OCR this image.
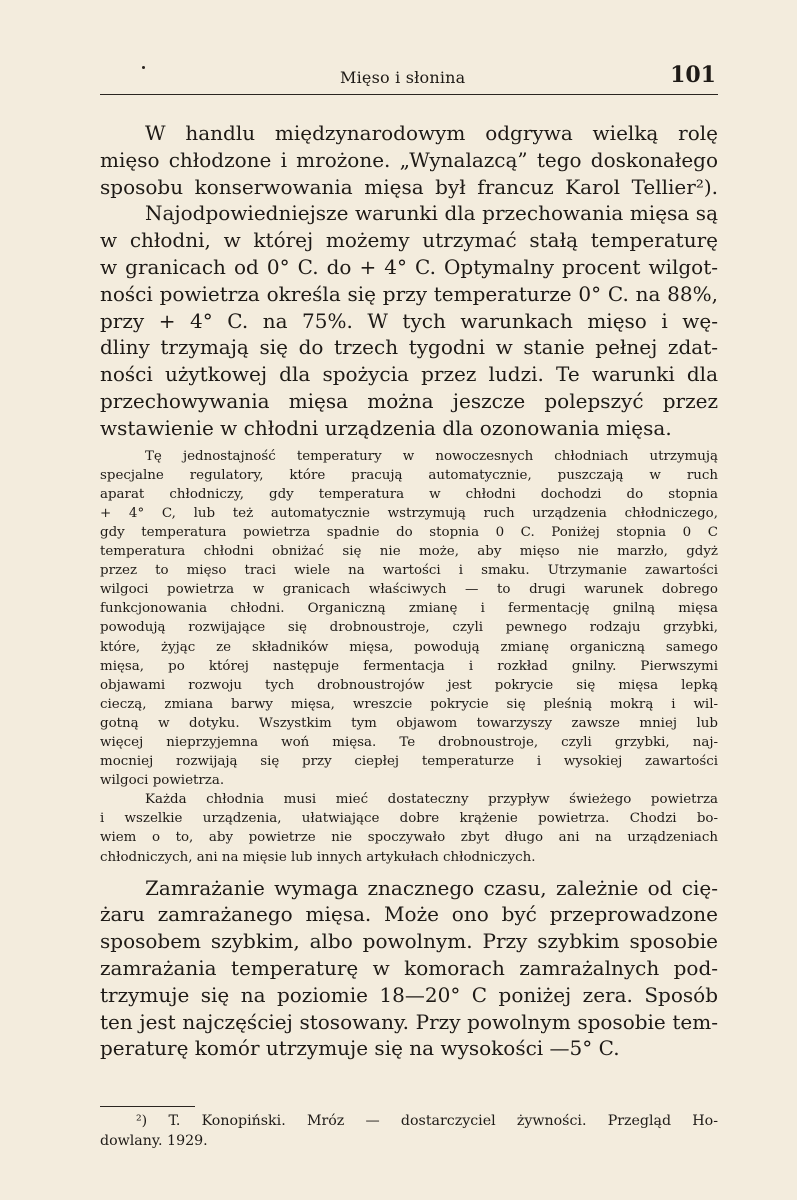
Mięso i słonina	101
W handlu międzynarodowym odgrywa wielką rolę
mięso chłodzone i mrożone. „Wynalazcą” tego doskonałego
sposobu konserwowania mięsa był francuz Karol Tellier²).
Najodpowiedniejsze warunki dla przechowania mięsa są
w chłodni, w której możemy utrzymać stałą temperaturę
w granicach od 0° C. do + 4° C. Optymalny procent wilgot-
ności powietrza określa się przy temperaturze 0° C. na 88%,
przy + 4° C. na 75%. W tych warunkach mięso i wę-
dliny trzymają się do trzech tygodni w stanie pełnej zdat-
ności użytkowej dla spożycia przez ludzi. Te warunki dla
przechowywania mięsa można jeszcze polepszyć przez
wstawienie w chłodni urządzenia dla ozonowania mięsa.
Tę jednostajność temperatury w nowoczesnych chłodniach utrzymują
specjalne regulatory, które pracują automatycznie, puszczają w ruch
aparat chłodniczy, gdy temperatura w chłodni dochodzi do stopnia
+ 4° C, lub też automatycznie wstrzymują ruch urządzenia chłodniczego,
gdy temperatura powietrza spadnie do stopnia 0 C. Poniżej stopnia 0 C
temperatura chłodni obniżać się nie może, aby mięso nie marzło, gdyż
przez to mięso traci wiele na wartości i smaku. Utrzymanie zawartości
wilgoci powietrza w granicach właściwych — to drugi warunek dobrego
funkcjonowania chłodni. Organiczną zmianę i fermentację gnilną mięsa
powodują rozwijające się drobnoustroje, czyli pewnego rodzaju grzybki,
które, żyjąc ze składników mięsa, powodują zmianę organiczną samego
mięsa, po której następuje fermentacja i rozkład gnilny. Pierwszymi
objawami rozwoju tych drobnoustrojów jest pokrycie się mięsa lepką
cieczą, zmiana barwy mięsa, wreszcie pokrycie się pleśnią mokrą i wil-
gotną w dotyku. Wszystkim tym objawom towarzyszy zawsze mniej lub
więcej nieprzyjemna woń mięsa. Te drobnoustroje, czyli grzybki, naj-
mocniej rozwijają się przy ciepłej temperaturze i wysokiej zawartości
wilgoci powietrza.
Każda chłodnia musi mieć dostateczny przypływ świeżego powietrza
i wszelkie urządzenia, ułatwiające dobre krążenie powietrza. Chodzi bo-
wiem o to, aby powietrze nie spoczywało zbyt długo ani na urządzeniach
chłodniczych, ani na mięsie lub innych artykułach chłodniczych.
Zamrażanie wymaga znacznego czasu, zależnie od cię-
żaru zamrażanego mięsa. Może ono być przeprowadzone
sposobem szybkim, albo powolnym. Przy szybkim sposobie
zamrażania temperaturę w komorach zamrażalnych pod-
trzymuje się na poziomie 18—20° C poniżej zera. Sposób
ten jest najczęściej stosowany. Przy powolnym sposobie tem-
peraturę komór utrzymuje się na wysokości —5° C.
²) T. Konopiński. Mróz — dostarczyciel żywności. Przegląd Ho-
dowlany. 1929.
